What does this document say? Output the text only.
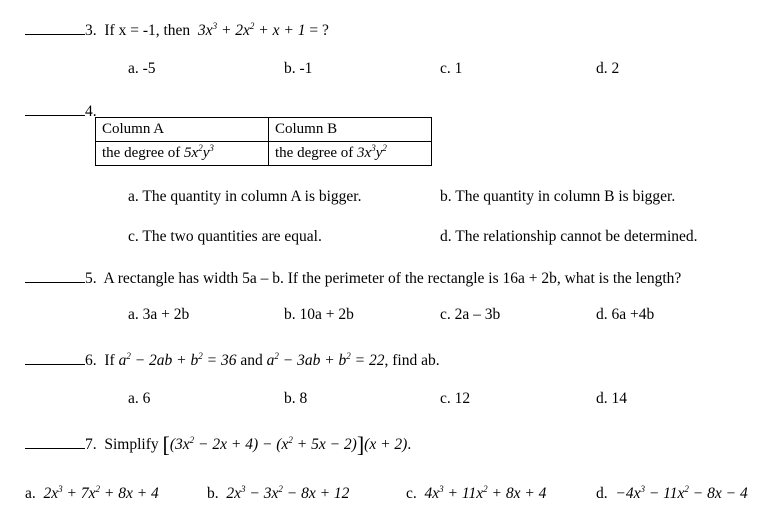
3. If x = -1, then $3x^3 + 2x^2 + x + 1$ = ?
a. -5	b. -1	c. 1	d. 2
4.
Column A	Column B
the degree of $5x^2y^3$	the degree of $3x^3y^2$
a. The quantity in column A is bigger.	b. The quantity in column B is bigger.
c. The two quantities are equal.	d. The relationship cannot be determined.
5. A rectangle has width 5a – b. If the perimeter of the rectangle is 16a + 2b, what is the length?
a. 3a + 2b	b. 10a + 2b	c. 2a – 3b	d. 6a +4b
6. If $a^2 - 2ab + b^2 = 36$ and $a^2 - 3ab + b^2 = 22$, find ab.
a. 6	b. 8	c. 12	d. 14
7. Simplify $[(3x^2 - 2x + 4) - (x^2 + 5x - 2)](x + 2)$.
a. $2x^3 + 7x^2 + 8x + 4$	b. $2x^3 - 3x^2 - 8x + 12$	c. $4x^3 + 11x^2 + 8x + 4$	d. $-4x^3 - 11x^2 - 8x - 4$
